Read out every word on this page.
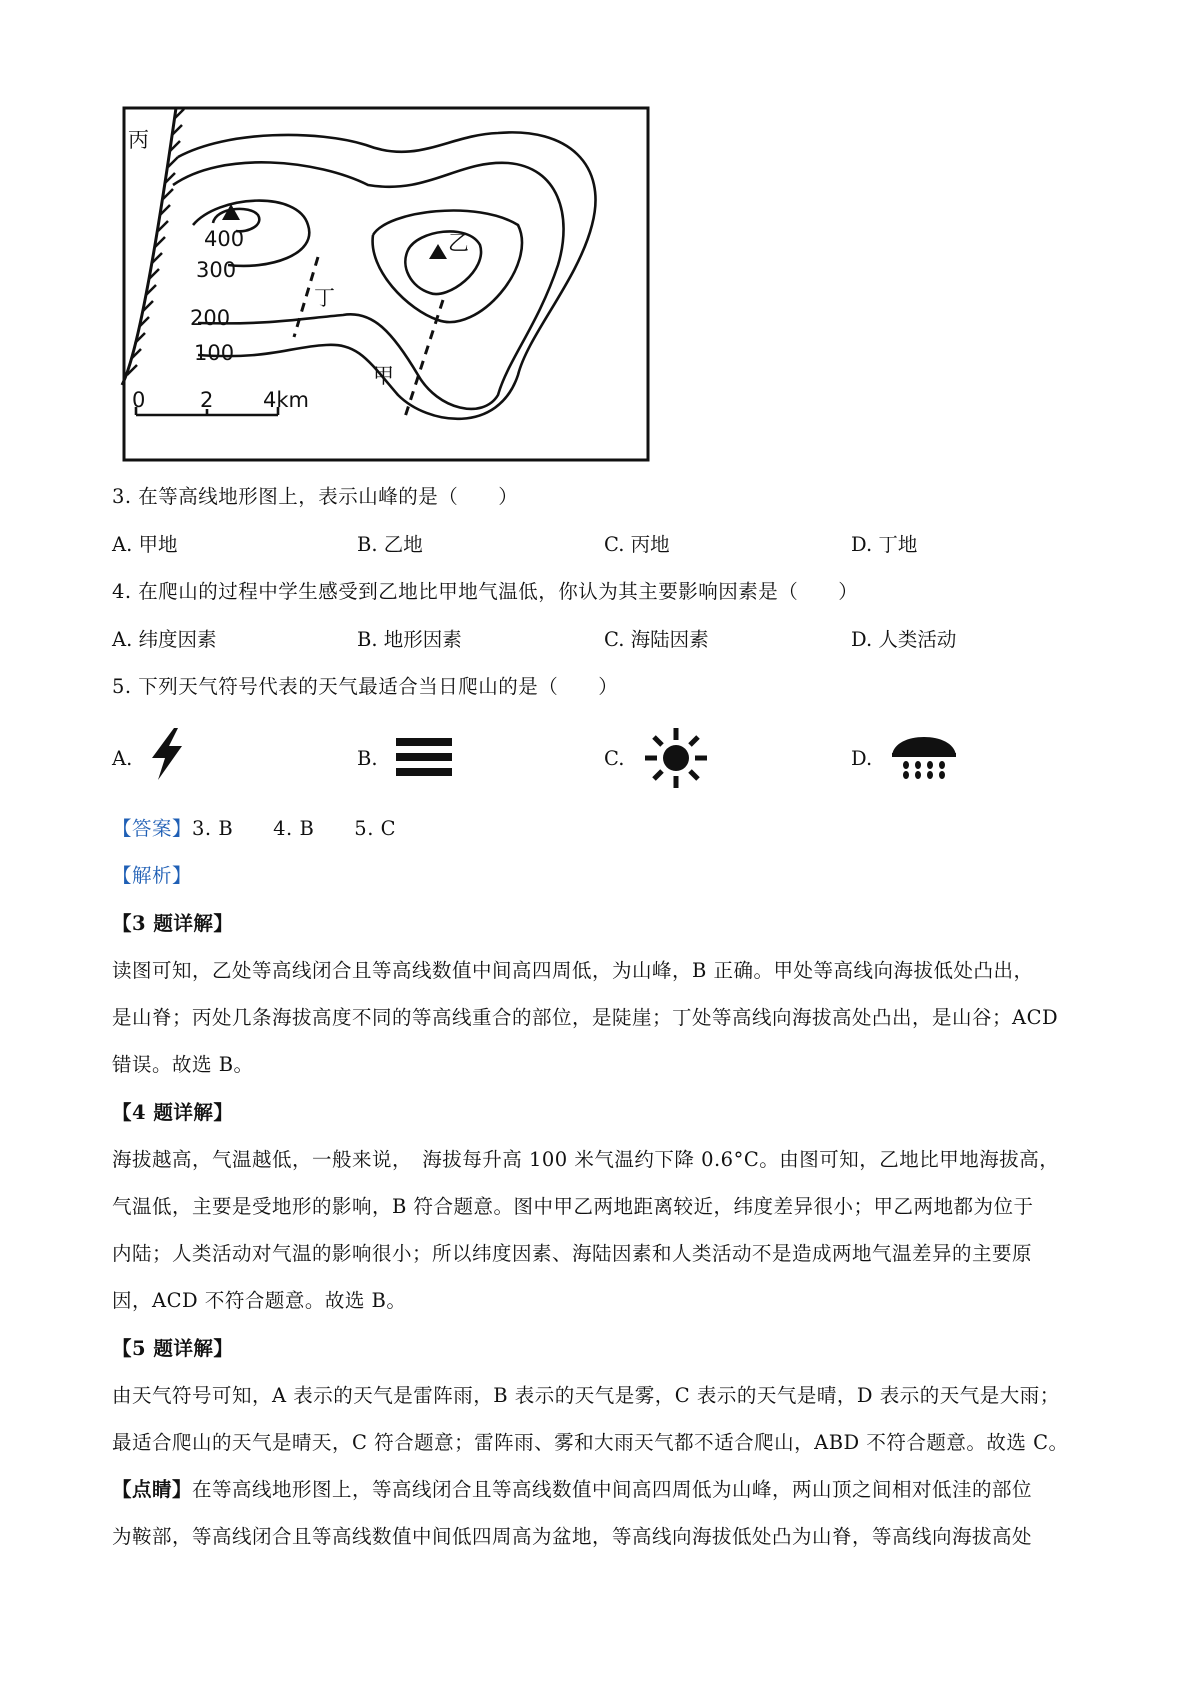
丙
乙
丁
甲
400
300
200
100
0	2 4km
3. 在等高线地形图上，表示山峰的是（　　）
A. 甲地	B. 乙地	C. 丙地	D. 丁地
4. 在爬山的过程中学生感受到乙地比甲地气温低，你认为其主要影响因素是（　　）
A. 纬度因素	B. 地形因素	C. 海陆因素	D. 人类活动
5. 下列天气符号代表的天气最适合当日爬山的是（　　）
A.	B.	C.	D.
【答案】3. B　　4. B　　5. C
【解析】
【3 题详解】
读图可知，乙处等高线闭合且等高线数值中间高四周低，为山峰，B 正确。甲处等高线向海拔低处凸出，
是山脊；丙处几条海拔高度不同的等高线重合的部位，是陡崖；丁处等高线向海拔高处凸出，是山谷；ACD
错误。故选 B。
【4 题详解】
海拔越高，气温越低，一般来说，　海拔每升高 100 米气温约下降 0.6°C。由图可知，乙地比甲地海拔高，
气温低，主要是受地形的影响，B 符合题意。图中甲乙两地距离较近，纬度差异很小；甲乙两地都为位于
内陆；人类活动对气温的影响很小；所以纬度因素、海陆因素和人类活动不是造成两地气温差异的主要原
因，ACD 不符合题意。故选 B。
【5 题详解】
由天气符号可知，A 表示的天气是雷阵雨，B 表示的天气是雾，C 表示的天气是晴，D 表示的天气是大雨；
最适合爬山的天气是晴天，C 符合题意；雷阵雨、雾和大雨天气都不适合爬山，ABD 不符合题意。故选 C。
【点睛】在等高线地形图上，等高线闭合且等高线数值中间高四周低为山峰，两山顶之间相对低洼的部位
为鞍部，等高线闭合且等高线数值中间低四周高为盆地，等高线向海拔低处凸为山脊，等高线向海拔高处
